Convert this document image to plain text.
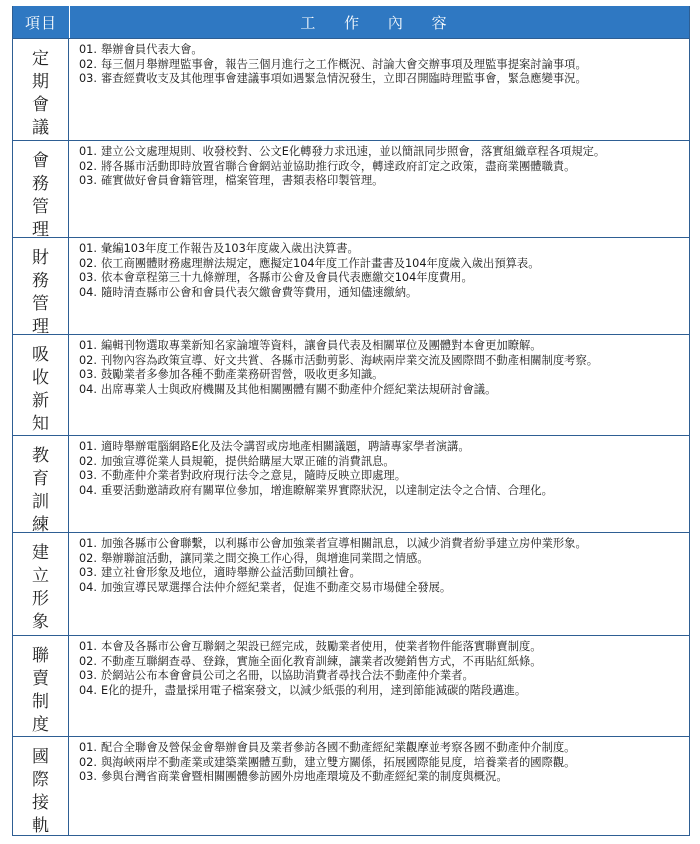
項目	工 作 內 容
定
期
會
議
01. 舉辦會員代表大會。
02. 每三個月舉辦理監事會，報告三個月進行之工作概況、討論大會交辦事項及理監事提案討論事項。
03. 審查經費收支及其他理事會建議事項如遇緊急情況發生，立即召開臨時理監事會，緊急應變事況。
會
務
管
理
01. 建立公文處理規則、收發校對、公文E化轉發力求迅速，並以簡訊同步照會，落實組織章程各項規定。
02. 將各縣市活動即時放置省聯合會網站並協助推行政令，轉達政府訂定之政策，盡商業團體職責。
03. 確實做好會員會籍管理，檔案管理，書類表格印製管理。
財
務
管
理
01. 彙編103年度工作報告及103年度歲入歲出決算書。
02. 依工商團體財務處理辦法規定，應擬定104年度工作計畫書及104年度歲入歲出預算表。
03. 依本會章程第三十九條辦理，各縣市公會及會員代表應繳交104年度費用。
04. 隨時清查縣市公會和會員代表欠繳會費等費用，通知儘速繳納。
吸
收
新
知
01. 編輯刊物選取專業新知名家論壇等資料，讓會員代表及相關單位及團體對本會更加瞭解。
02. 刊物內容為政策宣導、好文共賞、各縣市活動剪影、海峽兩岸業交流及國際間不動產相關制度考察。
03. 鼓勵業者多參加各種不動產業務研習營，吸收更多知識。
04. 出席專業人士與政府機關及其他相關團體有關不動產仲介經紀業法規研討會議。
教
育
訓
練
01. 適時舉辦電腦網路E化及法令講習或房地產相關議題，聘請專家學者演講。
02. 加強宣導從業人員規範，提供給購屋大眾正確的消費訊息。
03. 不動產仲介業者對政府現行法令之意見，隨時反映立即處理。
04. 重要活動邀請政府有關單位參加，增進瞭解業界實際狀況，以達制定法令之合情、合理化。
建
立
形
象
01. 加強各縣市公會聯繫，以利縣市公會加強業者宣導相關訊息，以減少消費者紛爭建立房仲業形象。
02. 舉辦聯誼活動，讓同業之間交換工作心得，與增進同業間之情感。
03. 建立社會形象及地位，適時舉辦公益活動回饋社會。
04. 加強宣導民眾選擇合法仲介經紀業者，促進不動產交易市場健全發展。
聯
賣
制
度
01. 本會及各縣市公會互聯網之架設已經完成，鼓勵業者使用，使業者物件能落實聯賣制度。
02. 不動產互聯網查尋、登錄，實施全面化教育訓練，讓業者改變銷售方式，不再貼紅紙條。
03. 於網站公布本會會員公司之名冊，以協助消費者尋找合法不動產仲介業者。
04. E化的提升，盡量採用電子檔案發文，以減少紙張的利用，達到節能減碳的階段邁進。
國
際
接
軌
01. 配合全聯會及營保金會舉辦會員及業者參訪各國不動產經紀業觀摩並考察各國不動產仲介制度。
02. 與海峽兩岸不動產業或建築業團體互動，建立雙方關係，拓展國際能見度，培養業者的國際觀。
03. 參與台灣省商業會暨相關團體參訪國外房地產環境及不動產經紀業的制度與概況。
